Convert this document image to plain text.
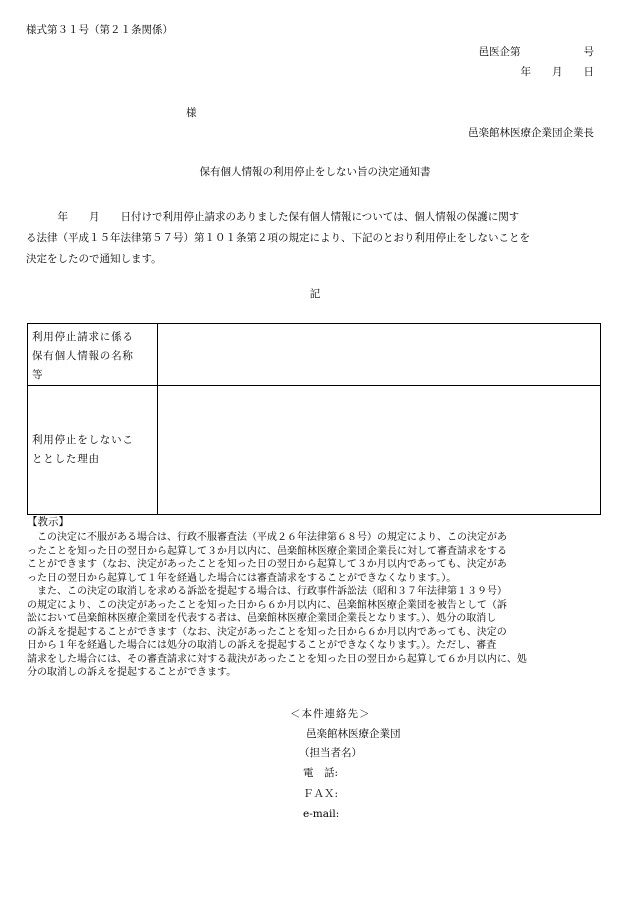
様式第３１号（第２１条関係）
邑医企第　　　　　　号
年　　月　　日
様
邑楽館林医療企業団企業長
保有個人情報の利用停止をしない旨の決定通知書
　　　年　　月　　日付けで利用停止請求のありました保有個人情報については、個人情報の保護に関す
る法律（平成１５年法律第５７号）第１０１条第２項の規定により、下記のとおり利用停止をしないことを
決定をしたので通知します。
記
利用停止請求に係る
保有個人情報の名称
等	

利用停止をしないこ
ととした理由	

【教示】
　この決定に不服がある場合は、行政不服審査法（平成２６年法律第６８号）の規定により、この決定があ
ったことを知った日の翌日から起算して３か月以内に、邑楽館林医療企業団企業長に対して審査請求をする
ことができます（なお、決定があったことを知った日の翌日から起算して３か月以内であっても、決定があ
った日の翌日から起算して１年を経過した場合には審査請求をすることができなくなります。）。
　また、この決定の取消しを求める訴訟を提起する場合は、行政事件訴訟法（昭和３７年法律第１３９号）
の規定により、この決定があったことを知った日から６か月以内に、邑楽館林医療企業団を被告として（訴
訟において邑楽館林医療企業団を代表する者は、邑楽館林医療企業団企業長となります。）、処分の取消し
の訴えを提起することができます（なお、決定があったことを知った日から６か月以内であっても、決定の
日から１年を経過した場合には処分の取消しの訴えを提起することができなくなります。）。ただし、審査
請求をした場合には、その審査請求に対する裁決があったことを知った日の翌日から起算して６か月以内に、処
分の取消しの訴えを提起することができます。
＜本件連絡先＞
邑楽館林医療企業団
（担当者名）
電　話:
ＦＡＸ:
e-mail:
